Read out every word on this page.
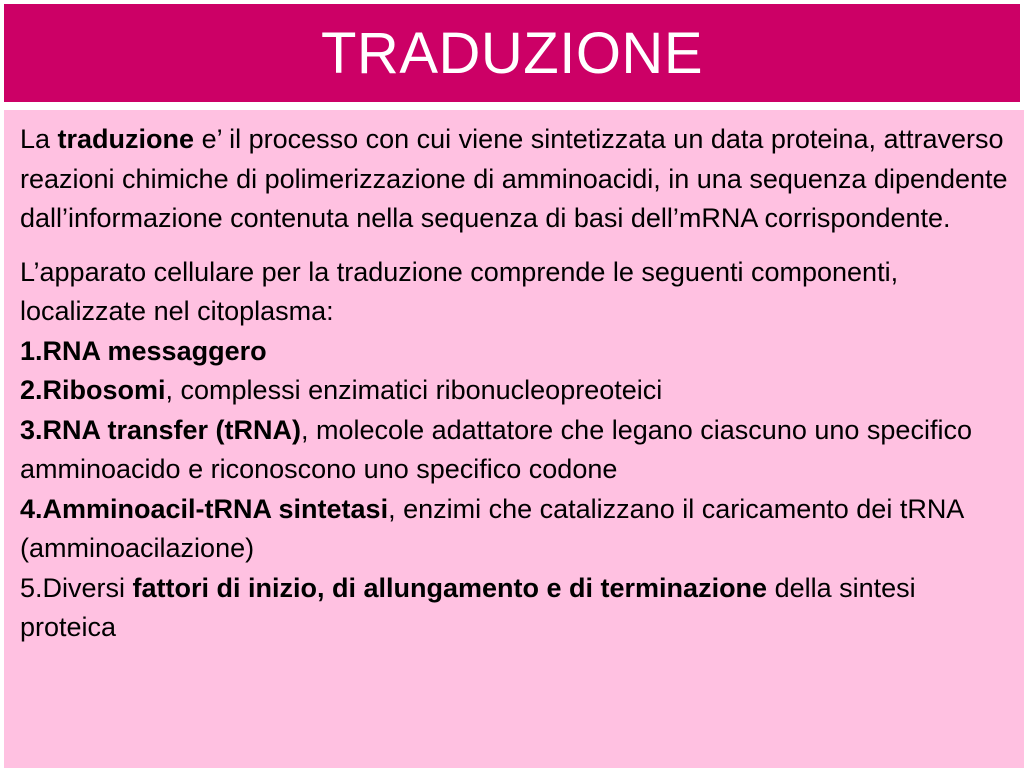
TRADUZIONE

La traduzione e’ il processo con cui viene sintetizzata un data proteina, attraverso reazioni chimiche di polimerizzazione di amminoacidi, in una sequenza dipendente dall’informazione contenuta nella sequenza di basi dell’mRNA corrispondente.

L’apparato cellulare per la traduzione comprende le seguenti componenti, localizzate nel citoplasma:

1.RNA messaggero

2.Ribosomi, complessi enzimatici ribonucleopreoteici

3.RNA transfer (tRNA), molecole adattatore che legano ciascuno uno specifico amminoacido e riconoscono uno specifico codone

4.Amminoacil-tRNA sintetasi, enzimi che catalizzano il caricamento dei tRNA (amminoacilazione)

5.Diversi fattori di inizio, di allungamento e di terminazione della sintesi proteica
